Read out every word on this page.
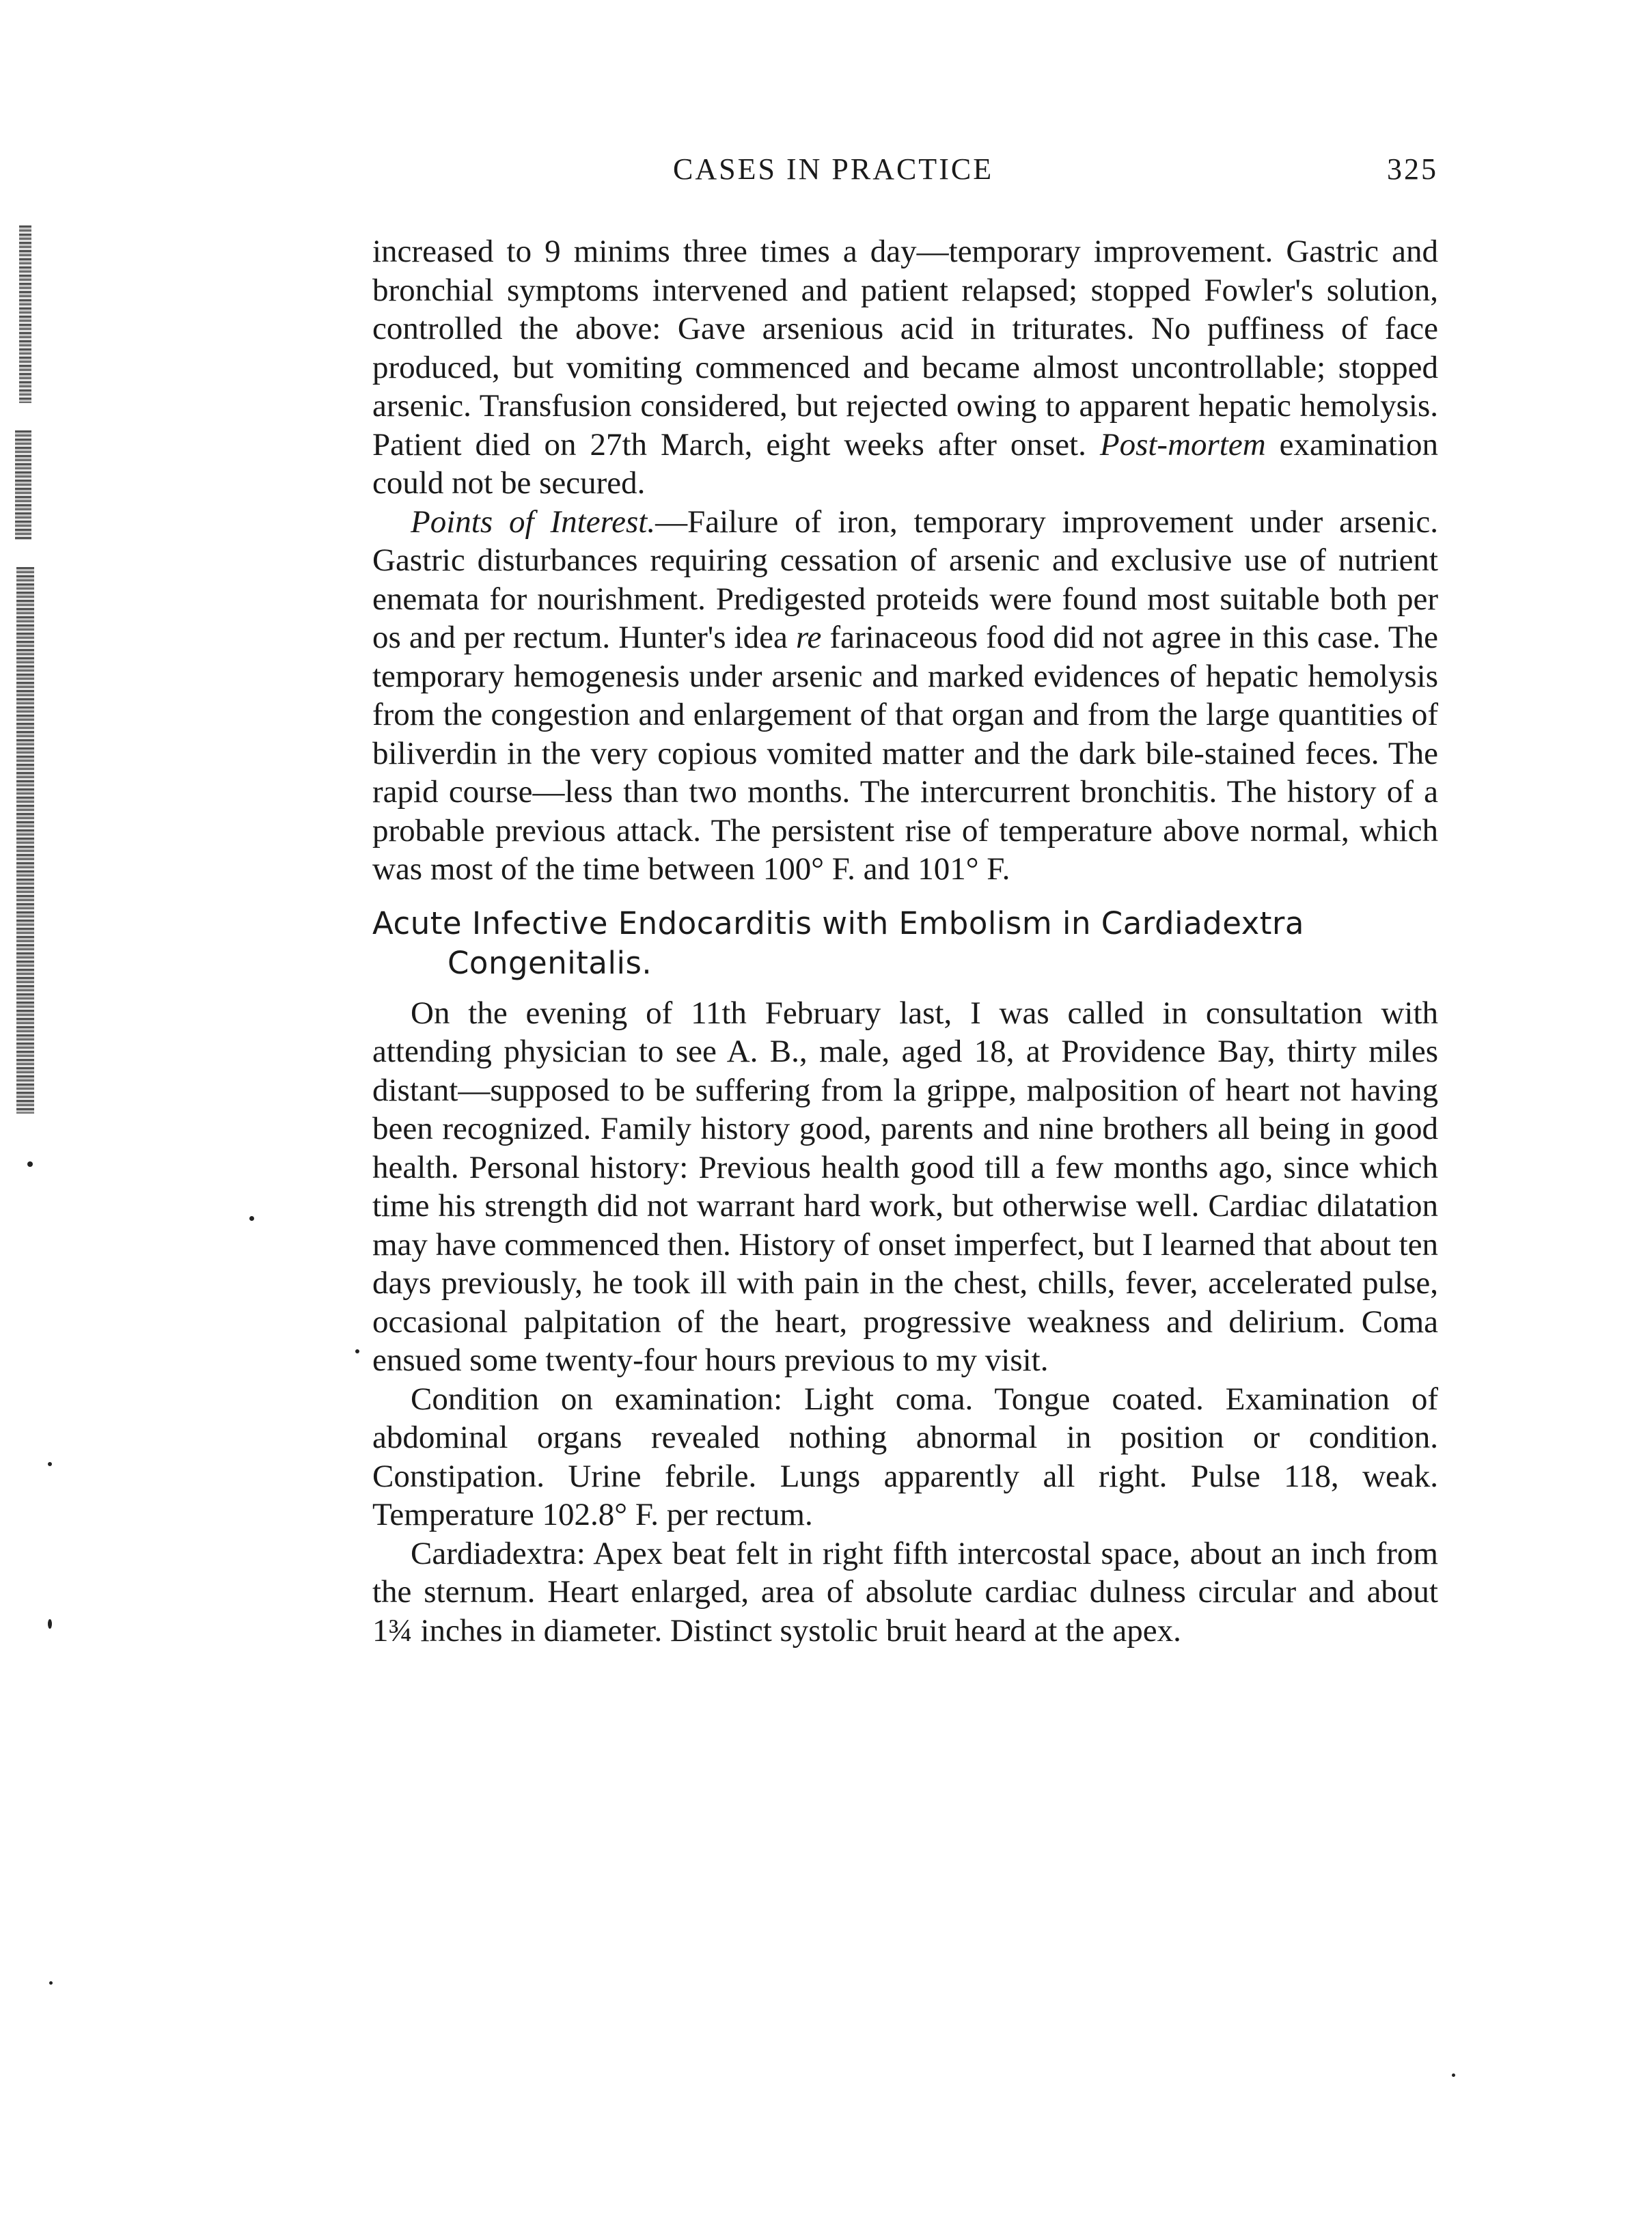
CASES IN PRACTICE	325

increased to 9 minims three times a day—temporary improvement. Gastric and bronchial symptoms intervened and patient relapsed; stopped Fowler's solution, controlled the above: Gave arsenious acid in triturates. No puffiness of face produced, but vomiting commenced and became almost uncontrollable; stopped arsenic. Transfusion considered, but rejected owing to apparent hepatic hemolysis. Patient died on 27th March, eight weeks after onset. Post-mortem examination could not be secured.

Points of Interest.—Failure of iron, temporary improvement under arsenic. Gastric disturbances requiring cessation of arsenic and exclusive use of nutrient enemata for nourishment. Predigested proteids were found most suitable both per os and per rectum. Hunter's idea re farinaceous food did not agree in this case. The temporary hemogenesis under arsenic and marked evidences of hepatic hemolysis from the congestion and enlargement of that organ and from the large quantities of biliverdin in the very copious vomited matter and the dark bile-stained feces. The rapid course—less than two months. The intercurrent bronchitis. The history of a probable previous attack. The persistent rise of temperature above normal, which was most of the time between 100° F. and 101° F.

Acute Infective Endocarditis with Embolism in Cardiadextra
Congenitalis.

On the evening of 11th February last, I was called in consultation with attending physician to see A. B., male, aged 18, at Providence Bay, thirty miles distant—supposed to be suffering from la grippe, malposition of heart not having been recognized. Family history good, parents and nine brothers all being in good health. Personal history: Previous health good till a few months ago, since which time his strength did not warrant hard work, but otherwise well. Cardiac dilatation may have commenced then. History of onset imperfect, but I learned that about ten days previously, he took ill with pain in the chest, chills, fever, accelerated pulse, occasional palpitation of the heart, progressive weakness and delirium. Coma ensued some twenty-four hours previous to my visit.

Condition on examination: Light coma. Tongue coated. Examination of abdominal organs revealed nothing abnormal in position or condition. Constipation. Urine febrile. Lungs apparently all right. Pulse 118, weak. Temperature 102.8° F. per rectum.

Cardiadextra: Apex beat felt in right fifth intercostal space, about an inch from the sternum. Heart enlarged, area of absolute cardiac dulness circular and about 1¾ inches in diameter. Distinct systolic bruit heard at the apex.
